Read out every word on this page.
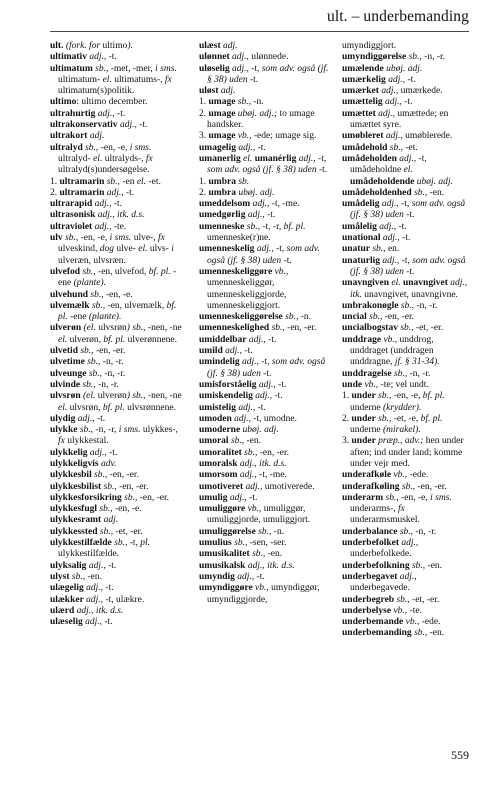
ult. – underbemanding

ult. (fork. for ultimo).

ultimativ adj., -t.

ultimatum sb., -met, -mer, i sms. ultimatum- el. ultimatums-, fx ultimatum(s)politik.

ultimo: ultimo december.

ultrahurtig adj., -t.

ultrakonservativ adj., -t.

ultrakort adj.

ultralyd sb., -en, -e, i sms. ultralyd- el. ultralyds-, fx ultralyd(s)undersøgelse.

1. ultramarin sb., -en el. -et.

2. ultramarin adj., -t.

ultrarapid adj., -t.

ultrasonisk adj., itk. d.s.

ultraviolet adj., -te.

ulv sb., -en, -e, i sms. ulve-, fx ulveskind, dog ulve- el. ulvs- i ulveræn, ulvsræn.

ulvefod sb., -en, ulvefod, bf. pl. -ene (plante).

ulvehund sb., -en, -e.

ulvemælk sb., -en, ulvemælk, bf. pl. -ene (plante).

ulverøn (el. ulvsrøn) sb., -nen, -ne el. ulverøn, bf. pl. ulverønnene.

ulvetid sb., -en, -er.

ulvetime sb., -n, -r.

ulveunge sb., -n, -r.

ulvinde sb., -n, -r.

ulvsrøn (el. ulverøn) sb., -nen, -ne el. ulvsrøn, bf. pl. ulvsrønnene.

ulydig adj., -t.

ulykke sb., -n, -r, i sms. ulykkes-, fx ulykkestal.

ulykkelig adj., -t.

ulykkeligvis adv.

ulykkesbil sb., -en, -er.

ulykkesbilist sb., -en, -er.

ulykkesforsikring sb., -en, -er.

ulykkesfugl sb., -en, -e.

ulykkesramt adj.

ulykkessted sb., -et, -er.

ulykkestilfælde sb., -t, pl. ulykkestilfælde.

ulyksalig adj., -t.

ulyst sb., -en.

ulægelig adj., -t.

ulækker adj., -t, ulækre.

ulærd adj., itk. d.s.

ulæselig adj., -t.

ulæst adj.

ulønnet adj., ulønnede.

uløselig adj., -t, som adv. også (jf. § 38) uden -t.

uløst adj.

1. umage sb., -n.

2. umage ubøj. adj.; to umage handsker.

3. umage vb., -ede; umage sig.

umagelig adj., -t.

umanerlig el. umanérlig adj., -t, som adv. også (jf. § 38) uden -t.

1. umbra sb.

2. umbra ubøj. adj.

umeddelsom adj., -t, -me.

umedgørlig adj., -t.

umenneske sb., -t, -r, bf. pl. umenneske(r)ne.

umenneskelig adj., -t, som adv. også (jf. § 38) uden -t.

umenneskeliggøre vb., umenneskeliggør, umenneskeliggjorde, umenneskeliggjort.

umenneskeliggørelse sb., -n.

umenneskelighed sb., -en, -er.

umiddelbar adj., -t.

umild adj., -t.

umindelig adj., -t, som adv. også (jf. § 38) uden -t.

umisforståelig adj., -t.

umiskendelig adj., -t.

umistelig adj., -t.

umoden adj., -t, umodne.

umoderne ubøj. adj.

umoral sb., -en.

umoralitet sb., -en, -er.

umoralsk adj., itk. d.s.

umorsom adj., -t, -me.

umotiveret adj., umotiverede.

umulig adj., -t.

umuliggøre vb., umuliggør, umuliggjorde, umuliggjort.

umuliggørelse sb., -n.

umulius sb., -sen, -ser.

umusikalitet sb., -en.

umusikalsk adj., itk. d.s.

umyndig adj., -t.

umyndiggøre vb., umyndiggør, umyndiggjorde,

umyndiggjort.

umyndiggørelse sb., -n, -r.

umælende ubøj. adj.

umærkelig adj., -t.

umærket adj., umærkede.

umættelig adj., -t.

umættet adj., umættede; en umættet syre.

umøbleret adj., umøblerede.

umådehold sb., -et.

umådeholden adj., -t, umådeholdne el. umådeholdende ubøj. adj.

umådeholdenhed sb., -en.

umådelig adj., -t, som adv. også (jf. § 38) uden -t.

umålelig adj., -t.

unational adj., -t.

unatur sb., en.

unaturlig adj., -t, som adv. også (jf. § 38) uden -t.

unavngiven el. unavngivet adj., itk. unavngivet, unavngivne.

unbrakonøgle sb., -n, -r.

uncial sb., -en, -er.

uncialbogstav sb., -et, -er.

unddrage vb., unddrog, unddraget (unddragen unddragne, jf. § 31-34).

unddragelse sb., -n, -r.

unde vb., -te; vel undt.

1. under sb., -en, -e, bf. pl. underne (krydder).

2. under sb., -et, -e, bf. pl. underne (mirakel).

3. under præp., adv.; hen under aften; ind under land; komme under vejr med.

underafkøle vb., -ede.

underafkøling sb., -en, -er.

underarm sb., -en, -e, i sms. underarms-, fx underarmsmuskel.

underbalance sb., -n, -r.

underbefolket adj., underbefolkede.

underbefolkning sb., -en.

underbegavet adj., underbegavede.

underbegreb sb., -et, -er.

underbelyse vb., -te.

underbemande vb., -ede.

underbemanding sb., -en.

559
